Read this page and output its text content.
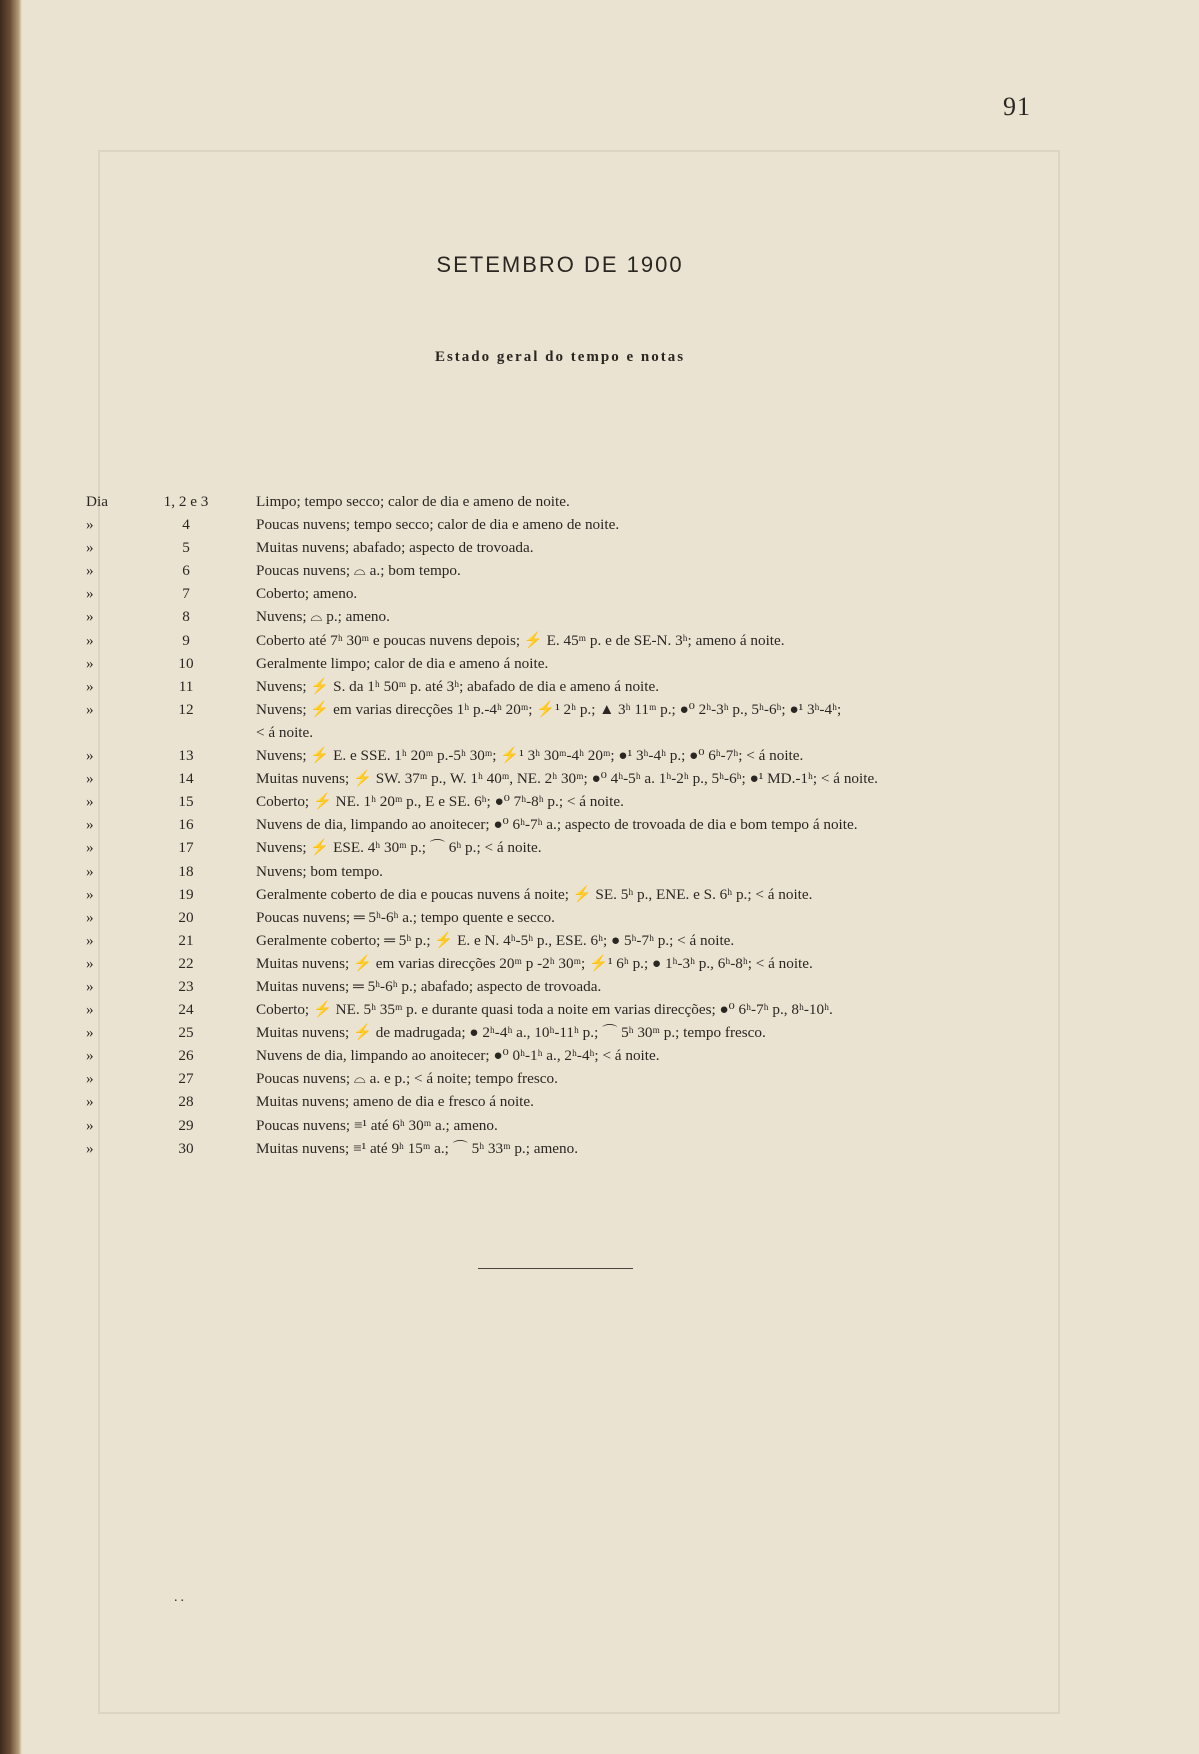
91
SETEMBRO DE 1900
Estado geral do tempo e notas
Dia	1, 2 e 3	Limpo; tempo secco; calor de dia e ameno de noite.
»	4	Poucas nuvens; tempo secco; calor de dia e ameno de noite.
»	5	Muitas nuvens; abafado; aspecto de trovoada.
»	6	Poucas nuvens; ⌓ a.; bom tempo.
»	7	Coberto; ameno.
»	8	Nuvens; ⌓ p.; ameno.
»	9	Coberto até 7ʰ 30ᵐ e poucas nuvens depois; ⚡ E. 45ᵐ p. e de SE-N. 3ʰ; ameno á noite.
»	10	Geralmente limpo; calor de dia e ameno á noite.
»	11	Nuvens; ⚡ S. da 1ʰ 50ᵐ p. até 3ʰ; abafado de dia e ameno á noite.
»	12	Nuvens; ⚡ em varias direcções 1ʰ p.-4ʰ 20ᵐ; ⚡¹ 2ʰ p.; ▲ 3ʰ 11ᵐ p.; ●⁰ 2ʰ-3ʰ p., 5ʰ-6ʰ; ●¹ 3ʰ-4ʰ;
< á noite.
»	13	Nuvens; ⚡ E. e SSE. 1ʰ 20ᵐ p.-5ʰ 30ᵐ; ⚡¹ 3ʰ 30ᵐ-4ʰ 20ᵐ; ●¹ 3ʰ-4ʰ p.; ●⁰ 6ʰ-7ʰ; < á noite.
»	14	Muitas nuvens; ⚡ SW. 37ᵐ p., W. 1ʰ 40ᵐ, NE. 2ʰ 30ᵐ; ●⁰ 4ʰ-5ʰ a. 1ʰ-2ʰ p., 5ʰ-6ʰ; ●¹ MD.-1ʰ; < á noite.
»	15	Coberto; ⚡ NE. 1ʰ 20ᵐ p., E e SE. 6ʰ; ●⁰ 7ʰ-8ʰ p.; < á noite.
»	16	Nuvens de dia, limpando ao anoitecer; ●⁰ 6ʰ-7ʰ a.; aspecto de trovoada de dia e bom tempo á noite.
»	17	Nuvens; ⚡ ESE. 4ʰ 30ᵐ p.; ⌒ 6ʰ p.; < á noite.
»	18	Nuvens; bom tempo.
»	19	Geralmente coberto de dia e poucas nuvens á noite; ⚡ SE. 5ʰ p., ENE. e S. 6ʰ p.; < á noite.
»	20	Poucas nuvens; ═ 5ʰ-6ʰ a.; tempo quente e secco.
»	21	Geralmente coberto; ═ 5ʰ p.; ⚡ E. e N. 4ʰ-5ʰ p., ESE. 6ʰ; ● 5ʰ-7ʰ p.; < á noite.
»	22	Muitas nuvens; ⚡ em varias direcções 20ᵐ p -2ʰ 30ᵐ; ⚡¹ 6ʰ p.; ● 1ʰ-3ʰ p., 6ʰ-8ʰ; < á noite.
»	23	Muitas nuvens; ═ 5ʰ-6ʰ p.; abafado; aspecto de trovoada.
»	24	Coberto; ⚡ NE. 5ʰ 35ᵐ p. e durante quasi toda a noite em varias direcções; ●⁰ 6ʰ-7ʰ p., 8ʰ-10ʰ.
»	25	Muitas nuvens; ⚡ de madrugada; ● 2ʰ-4ʰ a., 10ʰ-11ʰ p.; ⌒ 5ʰ 30ᵐ p.; tempo fresco.
»	26	Nuvens de dia, limpando ao anoitecer; ●⁰ 0ʰ-1ʰ a., 2ʰ-4ʰ; < á noite.
»	27	Poucas nuvens; ⌓ a. e p.; < á noite; tempo fresco.
»	28	Muitas nuvens; ameno de dia e fresco á noite.
»	29	Poucas nuvens; ≡¹ até 6ʰ 30ᵐ a.; ameno.
»	30	Muitas nuvens; ≡¹ até 9ʰ 15ᵐ a.; ⌒ 5ʰ 33ᵐ p.; ameno.
..
